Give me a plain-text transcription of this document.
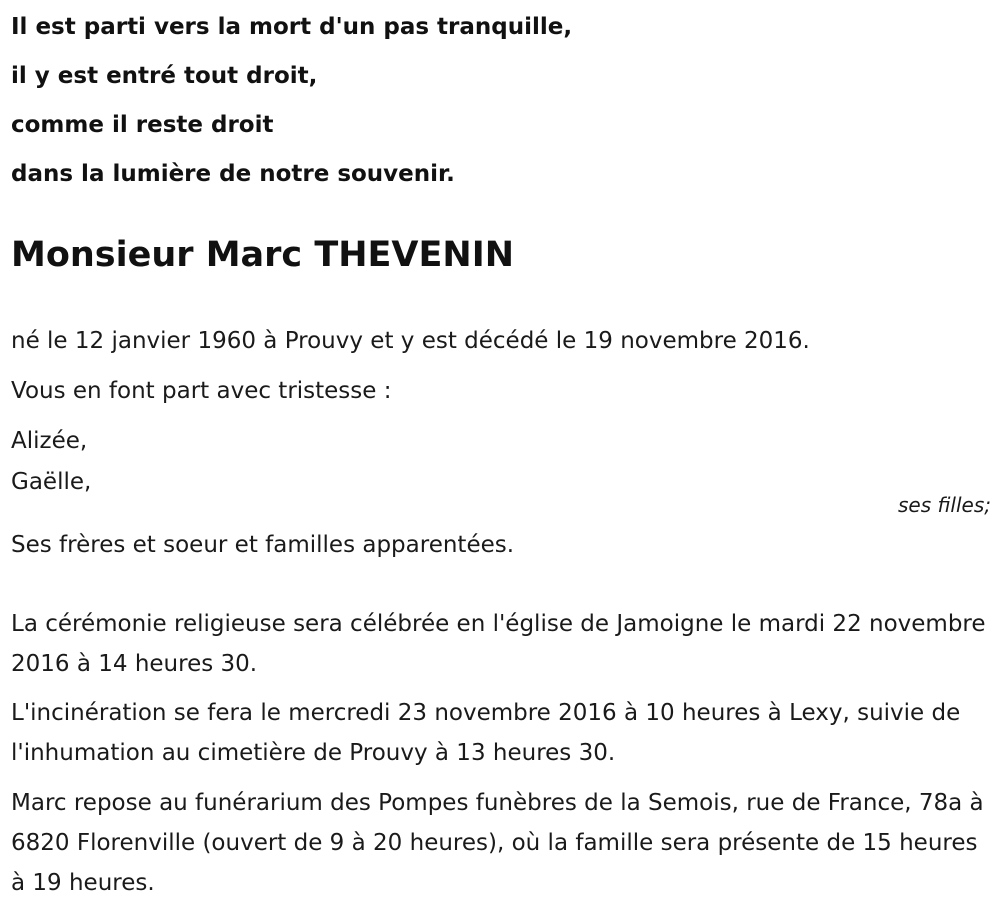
Il est parti vers la mort d'un pas tranquille,
il y est entré tout droit,
comme il reste droit
dans la lumière de notre souvenir.
Monsieur Marc THEVENIN
né le 12 janvier 1960 à Prouvy et y est décédé le 19 novembre 2016.
Vous en font part avec tristesse :
Alizée,
Gaëlle,
ses filles;
Ses frères et soeur et familles apparentées.
La cérémonie religieuse sera célébrée en l'église de Jamoigne le mardi 22 novembre 2016 à 14 heures 30.
L'incinération se fera le mercredi 23 novembre 2016 à 10 heures à Lexy, suivie de l'inhumation au cimetière de Prouvy à 13 heures 30.
Marc repose au funérarium des Pompes funèbres de la Semois, rue de France, 78a à 6820 Florenville (ouvert de 9 à 20 heures), où la famille sera présente de 15 heures à 19 heures.
